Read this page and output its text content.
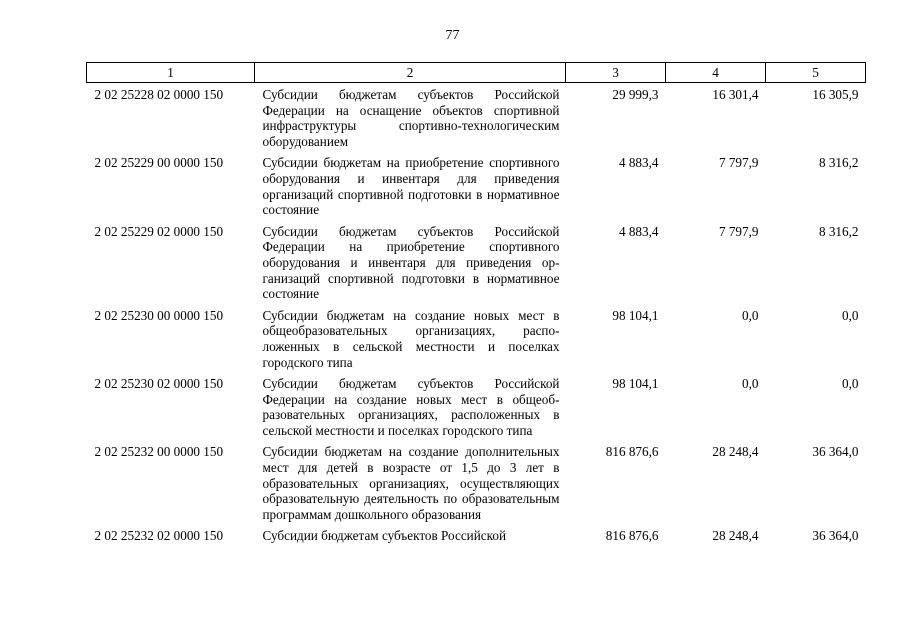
77
1	2	3	4	5
2 02 25228 02 0000 150	Субсидии бюджетам субъектов Российской Федерации на оснащение объектов спортивной инфраструктуры спортивно-технологическим оборудованием	29 999,3	16 301,4	16 305,9
2 02 25229 00 0000 150	Субсидии бюджетам на приобретение спортивного оборудования и инвентаря для приведения организаций спортивной подготовки в нормативное состояние	4 883,4	7 797,9	8 316,2
2 02 25229 02 0000 150	Субсидии бюджетам субъектов Российской Федерации на приобретение спортивного оборудования и инвентаря для приведения организаций спортивной подготовки в нормативное состояние	4 883,4	7 797,9	8 316,2
2 02 25230 00 0000 150	Субсидии бюджетам на создание новых мест в общеобразовательных организациях, расположенных в сельской местности и поселках городского типа	98 104,1	0,0	0,0
2 02 25230 02 0000 150	Субсидии бюджетам субъектов Российской Федерации на создание новых мест в общеобразовательных организациях, расположенных в сельской местности и поселках городского типа	98 104,1	0,0	0,0
2 02 25232 00 0000 150	Субсидии бюджетам на создание дополнительных мест для детей в возрасте от 1,5 до 3 лет в образовательных организациях, осуществляющих образовательную деятельность по образовательным программам дошкольного образования	816 876,6	28 248,4	36 364,0
2 02 25232 02 0000 150	Субсидии бюджетам субъектов Российской	816 876,6	28 248,4	36 364,0
